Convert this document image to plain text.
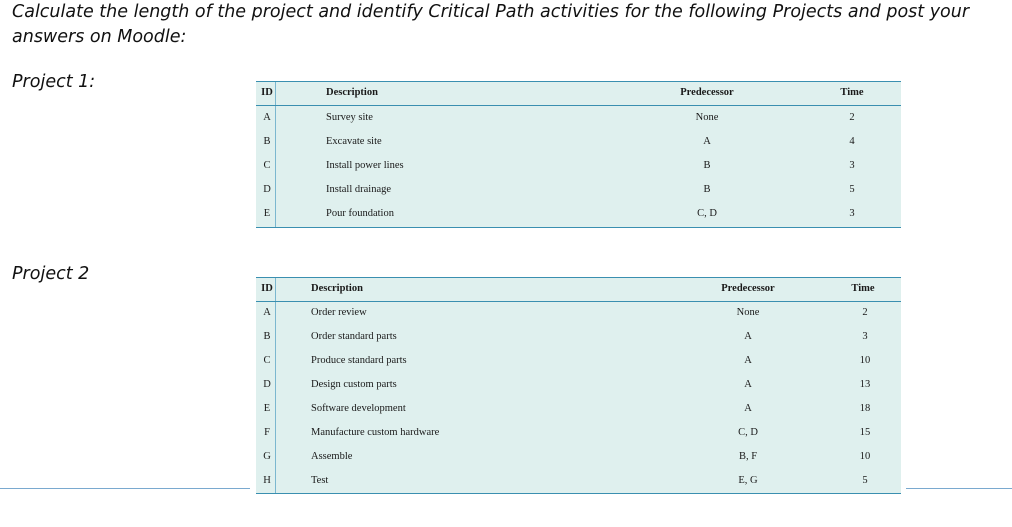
Calculate the length of the project and identify Critical Path activities for the following Projects and post your
answers on Moodle:
Project 1:
ID	Description	Predecessor	Time
A	Survey site	None	2
B	Excavate site	A	4
C	Install power lines	B	3
D	Install drainage	B	5
E	Pour foundation	C, D	3
Project 2
ID	Description	Predecessor	Time
A	Order review	None	2
B	Order standard parts	A	3
C	Produce standard parts	A	10
D	Design custom parts	A	13
E	Software development	A	18
F	Manufacture custom hardware	C, D	15
G	Assemble	B, F	10
H	Test	E, G	5
